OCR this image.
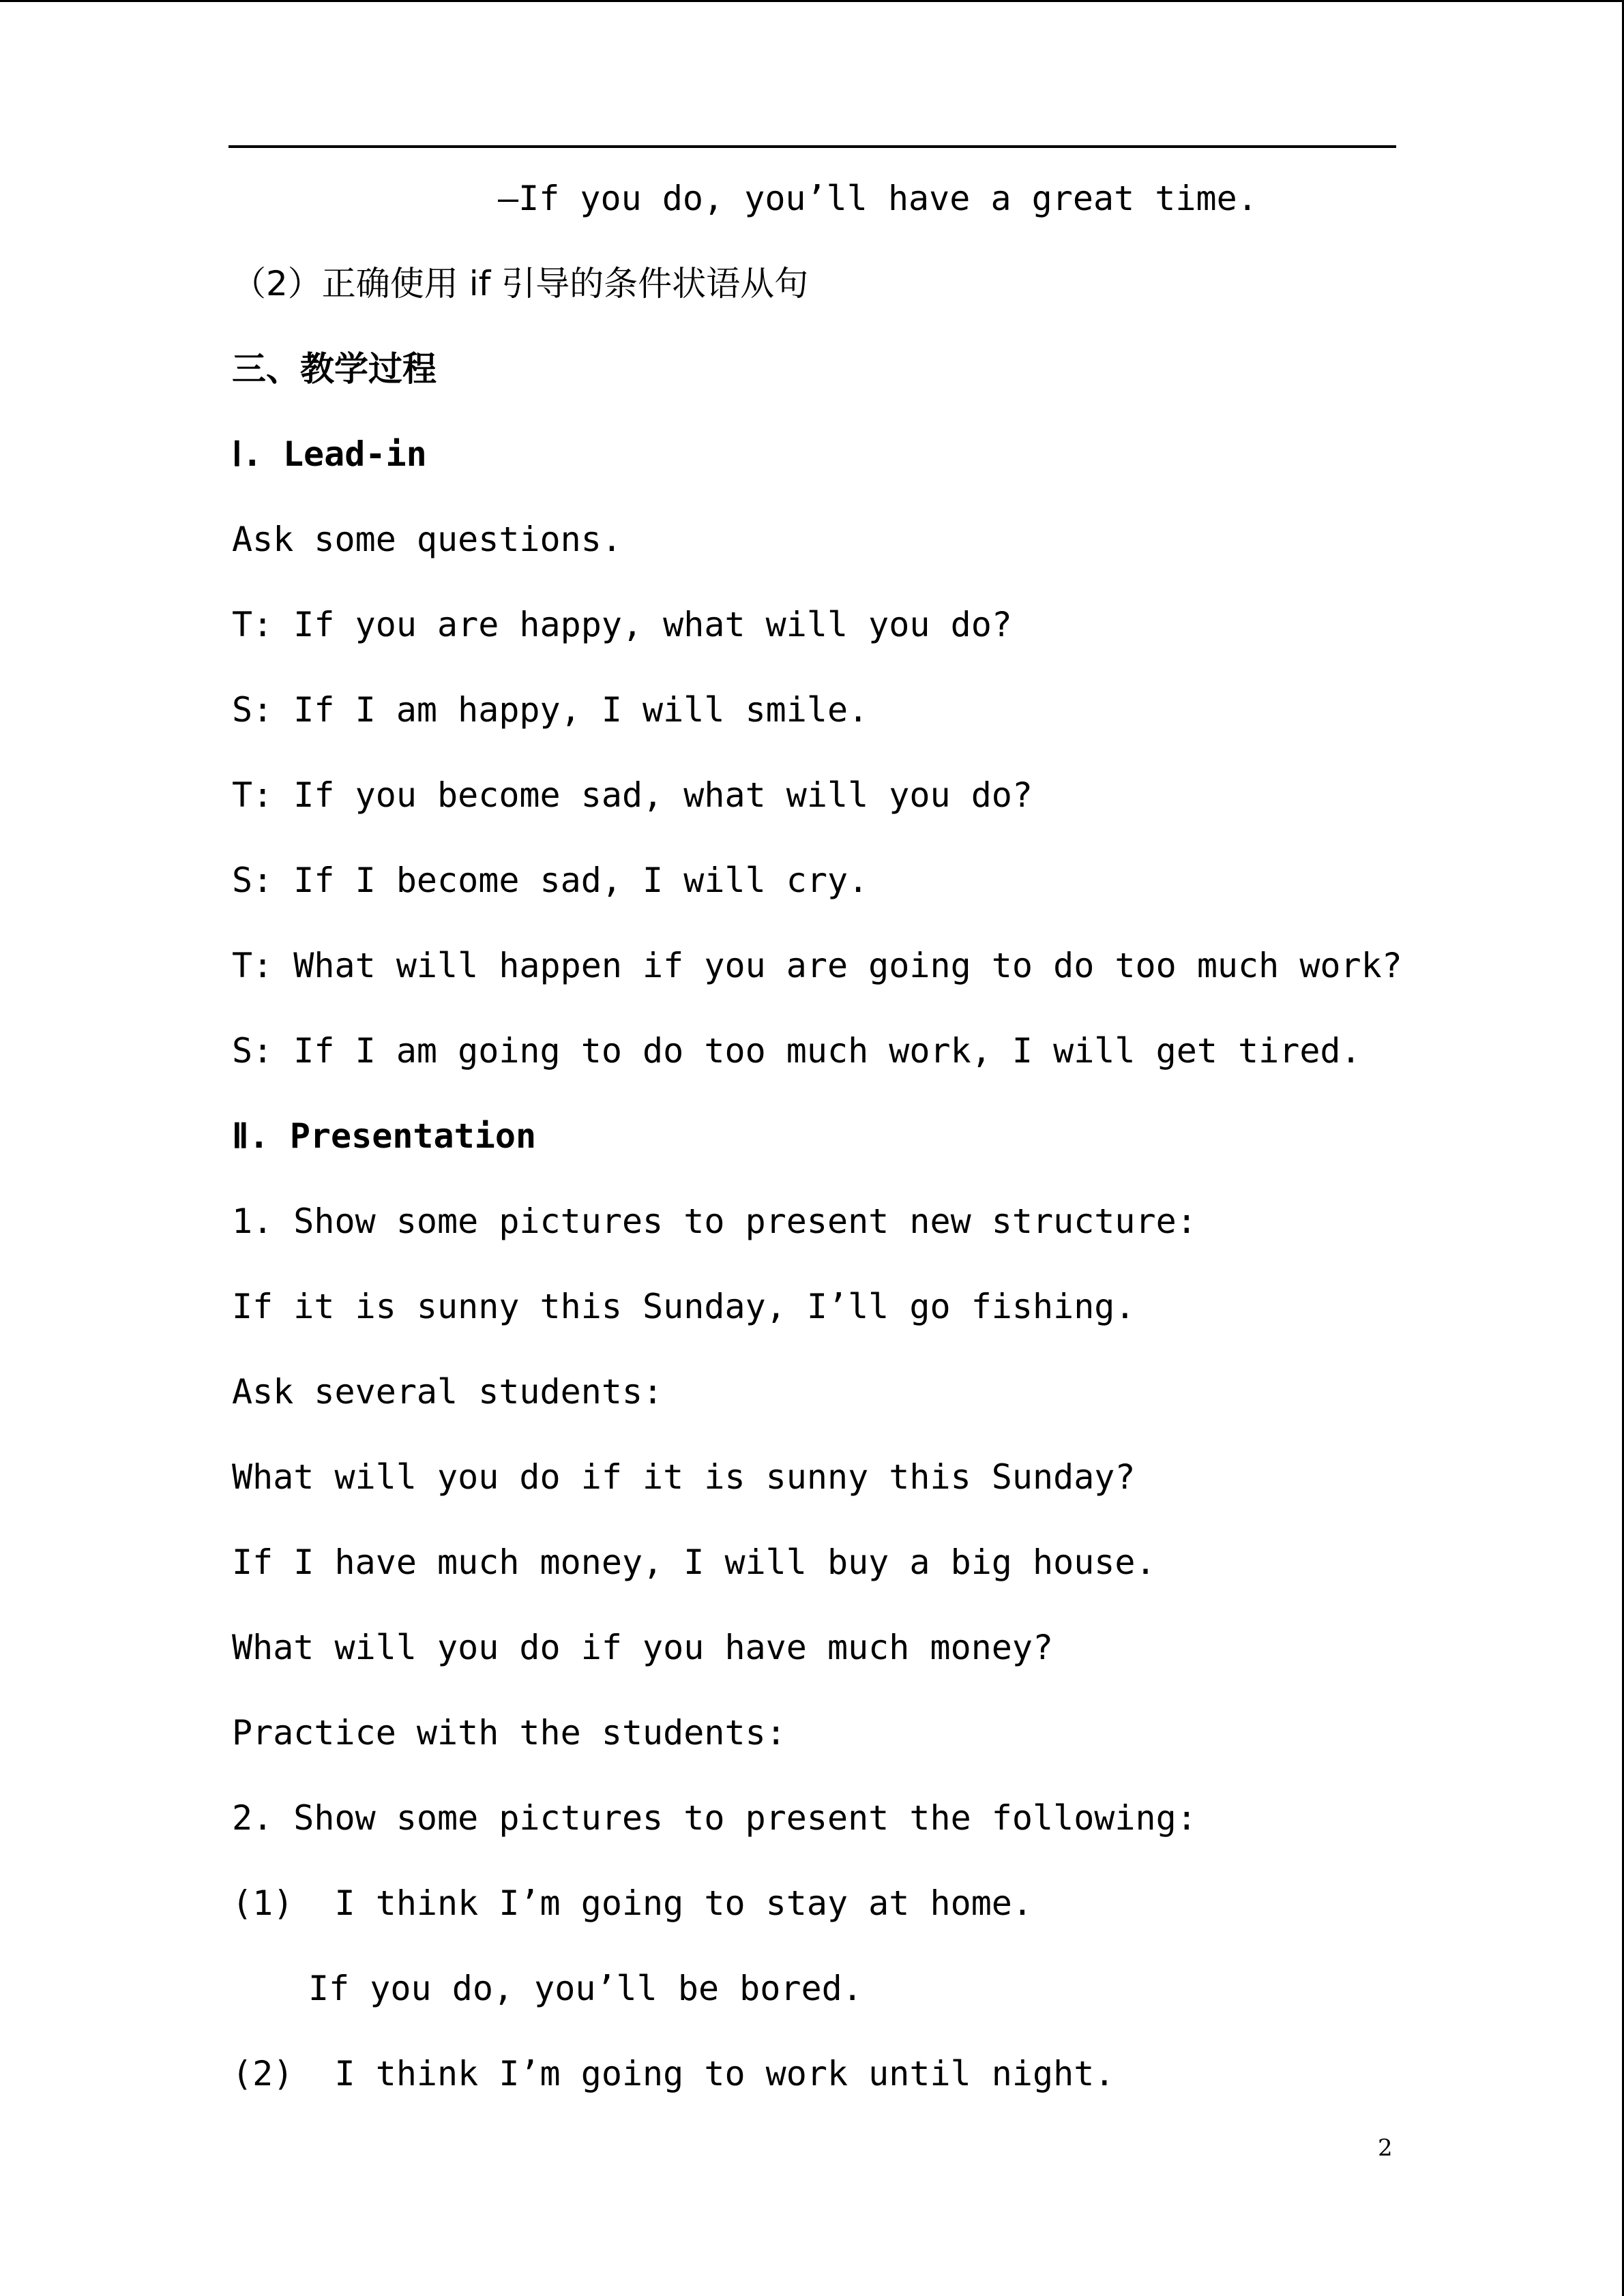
—If you do, you’ll have a great time.
（2）正确使用 if 引导的条件状语从句
三、教学过程
Ⅰ. Lead-in
Ask some questions.
T: If you are happy, what will you do?
S: If I am happy, I will smile.
T: If you become sad, what will you do?
S: If I become sad, I will cry.
T: What will happen if you are going to do too much work?
S: If I am going to do too much work, I will get tired.
Ⅱ. Presentation
1. Show some pictures to present new structure:
If it is sunny this Sunday, I’ll go fishing.
Ask several students:
What will you do if it is sunny this Sunday?
If I have much money, I will buy a big house.
What will you do if you have much money?
Practice with the students:
2. Show some pictures to present the following:
(1)  I think I’m going to stay at home.
If you do, you’ll be bored.
(2)  I think I’m going to work until night.
2
